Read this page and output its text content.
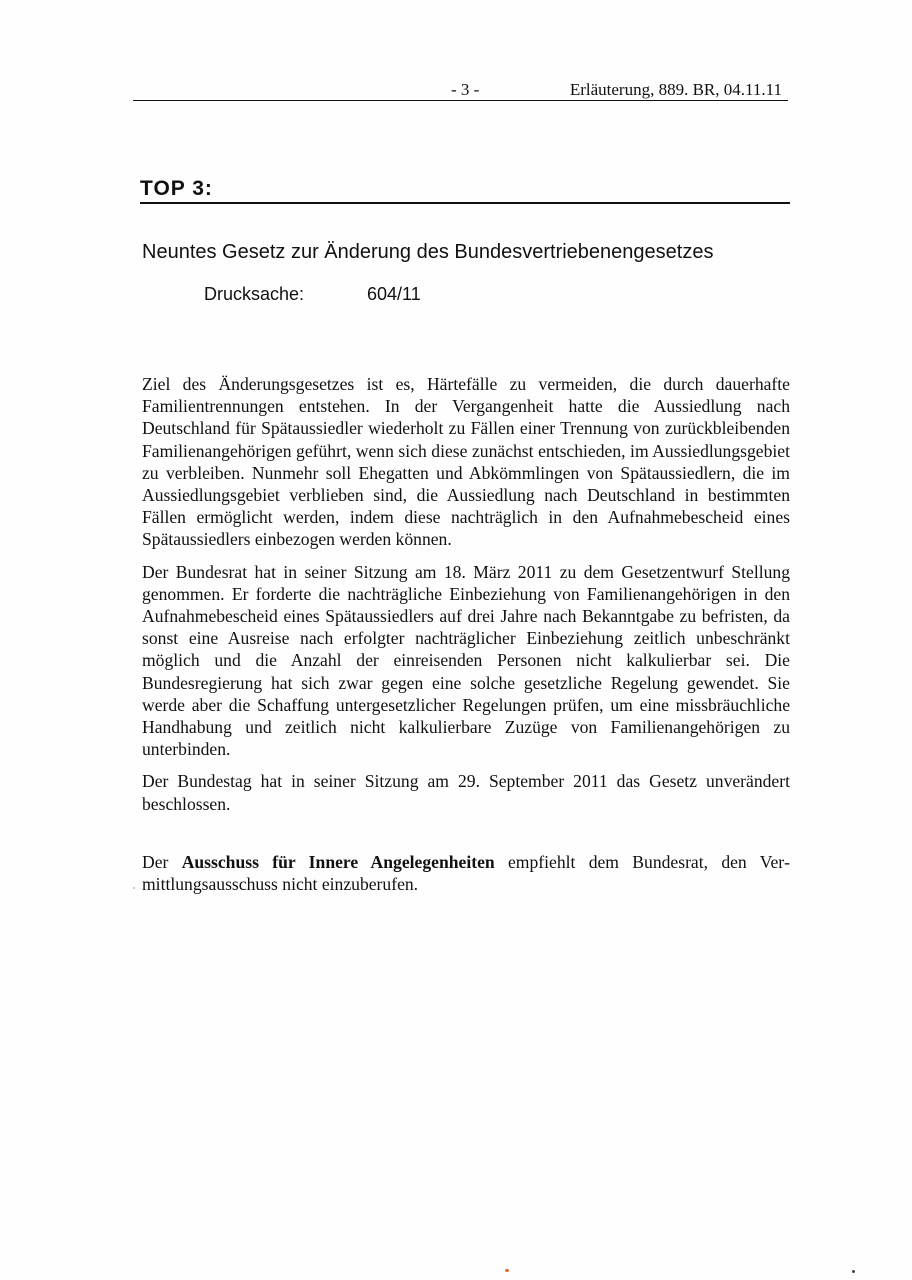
- 3 -	Erläuterung, 889. BR, 04.11.11
TOP 3:
Neuntes Gesetz zur Änderung des Bundesvertriebenengesetzes
Drucksache:	604/11

Ziel des Änderungsgesetzes ist es, Härtefälle zu vermeiden, die durch dauerhafte Familientrennungen entstehen. In der Vergangenheit hatte die Aussiedlung nach Deutschland für Spätaussiedler wiederholt zu Fällen einer Trennung von zurückbleibenden Familienangehörigen geführt, wenn sich diese zunächst entschieden, im Aussiedlungsgebiet zu verbleiben. Nunmehr soll Ehegatten und Abkömmlingen von Spätaussiedlern, die im Aussiedlungsgebiet verblieben sind, die Aussiedlung nach Deutschland in bestimmten Fällen ermöglicht werden, indem diese nachträglich in den Aufnahmebescheid eines Spätaussiedlers einbezogen werden können.

Der Bundesrat hat in seiner Sitzung am 18. März 2011 zu dem Gesetzentwurf Stellung genommen. Er forderte die nachträgliche Einbeziehung von Familienangehörigen in den Aufnahmebescheid eines Spätaussiedlers auf drei Jahre nach Bekanntgabe zu befristen, da sonst eine Ausreise nach erfolgter nachträglicher Einbeziehung zeitlich unbeschränkt möglich und die Anzahl der einreisenden Personen nicht kalkulierbar sei. Die Bundesregierung hat sich zwar gegen eine solche gesetzliche Regelung gewendet. Sie werde aber die Schaffung untergesetzlicher Regelungen prüfen, um eine missbräuchliche Handhabung und zeitlich nicht kalkulierbare Zuzüge von Familienangehörigen zu unterbinden.

Der Bundestag hat in seiner Sitzung am 29. September 2011 das Gesetz unverändert beschlossen.

Der Ausschuss für Innere Angelegenheiten empfiehlt dem Bundesrat, den Vermittlungsausschuss nicht einzuberufen.
